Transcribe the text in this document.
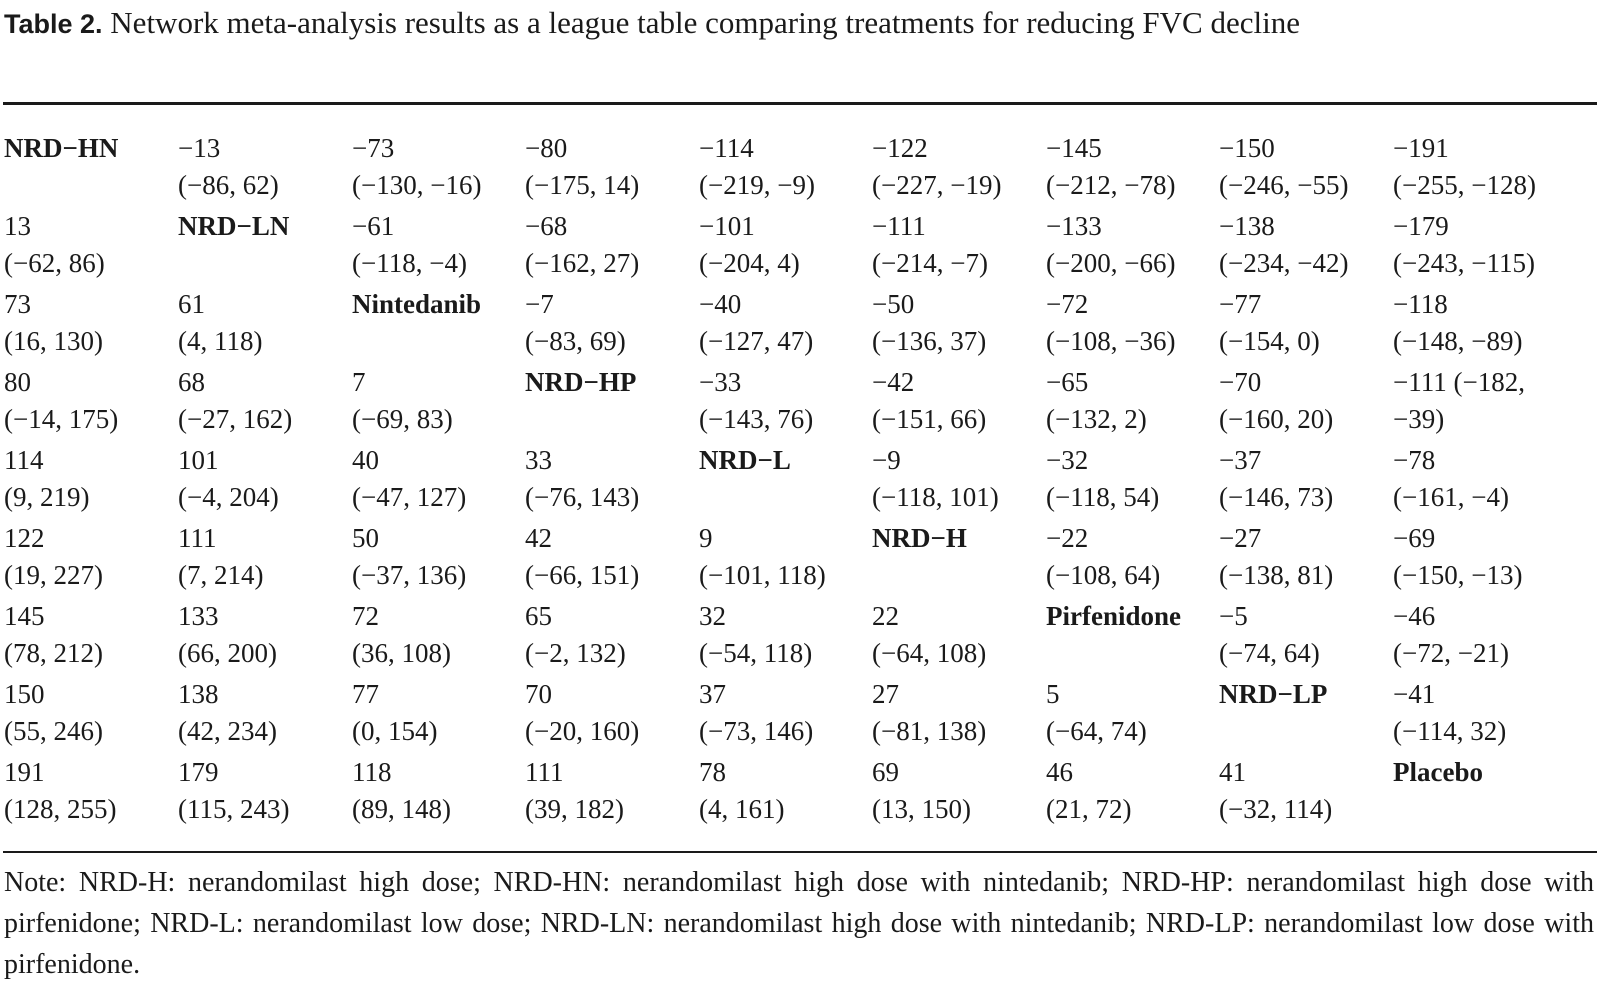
Table 2. Network meta-analysis results as a league table comparing treatments for reducing FVC decline
NRD−HN −13
(−86, 62)
−73
(−130, −16)
−80
(−175, 14)
−114
(−219, −9)
−122
(−227, −19)
−145
(−212, −78)
−150
(−246, −55)
−191
(−255, −128)
13
(−62, 86)
NRD−LN −61
(−118, −4)
−68
(−162, 27)
−101
(−204, 4)
−111
(−214, −7)
−133
(−200, −66)
−138
(−234, −42)
−179
(−243, −115)
73
(16, 130)
61
(4, 118)
Nintedanib −7
(−83, 69)
−40
(−127, 47)
−50
(−136, 37)
−72
(−108, −36)
−77
(−154, 0)
−118
(−148, −89)
80
(−14, 175)
68
(−27, 162)
7
(−69, 83)
NRD−HP −33
(−143, 76)
−42
(−151, 66)
−65
(−132, 2)
−70
(−160, 20)
−111 (−182,
−39)
114
(9, 219)
101
(−4, 204)
40
(−47, 127)
33
(−76, 143)
NRD−L	−9
(−118, 101)
−32
(−118, 54)
−37
(−146, 73)
−78
(−161, −4)
122
(19, 227)
111
(7, 214)
50
(−37, 136)
42
(−66, 151)
9
(−101, 118)
NRD−H	−22
(−108, 64)
−27
(−138, 81)
−69
(−150, −13)
145
(78, 212)
133
(66, 200)
72
(36, 108)
65
(−2, 132)
32
(−54, 118)
22
(−64, 108)
Pirfenidone −5
(−74, 64)
−46
(−72, −21)
150
(55, 246)
138
(42, 234)
77
(0, 154)
70
(−20, 160)
37
(−73, 146)
27
(−81, 138)
5
(−64, 74)
NRD−LP −41
(−114, 32)
191
(128, 255)
179
(115, 243)
118
(89, 148)
111
(39, 182)
78
(4, 161)
69
(13, 150)
46
(21, 72)
41
(−32, 114)
Placebo
Note: NRD-H: nerandomilast high dose; NRD-HN: nerandomilast high dose with nintedanib; NRD-HP: nerandomilast high dose with pirfenidone; NRD-L: nerandomilast low dose; NRD-LN: nerandomilast high dose with nintedanib; NRD-LP: nerandomilast low dose with pirfenidone.
